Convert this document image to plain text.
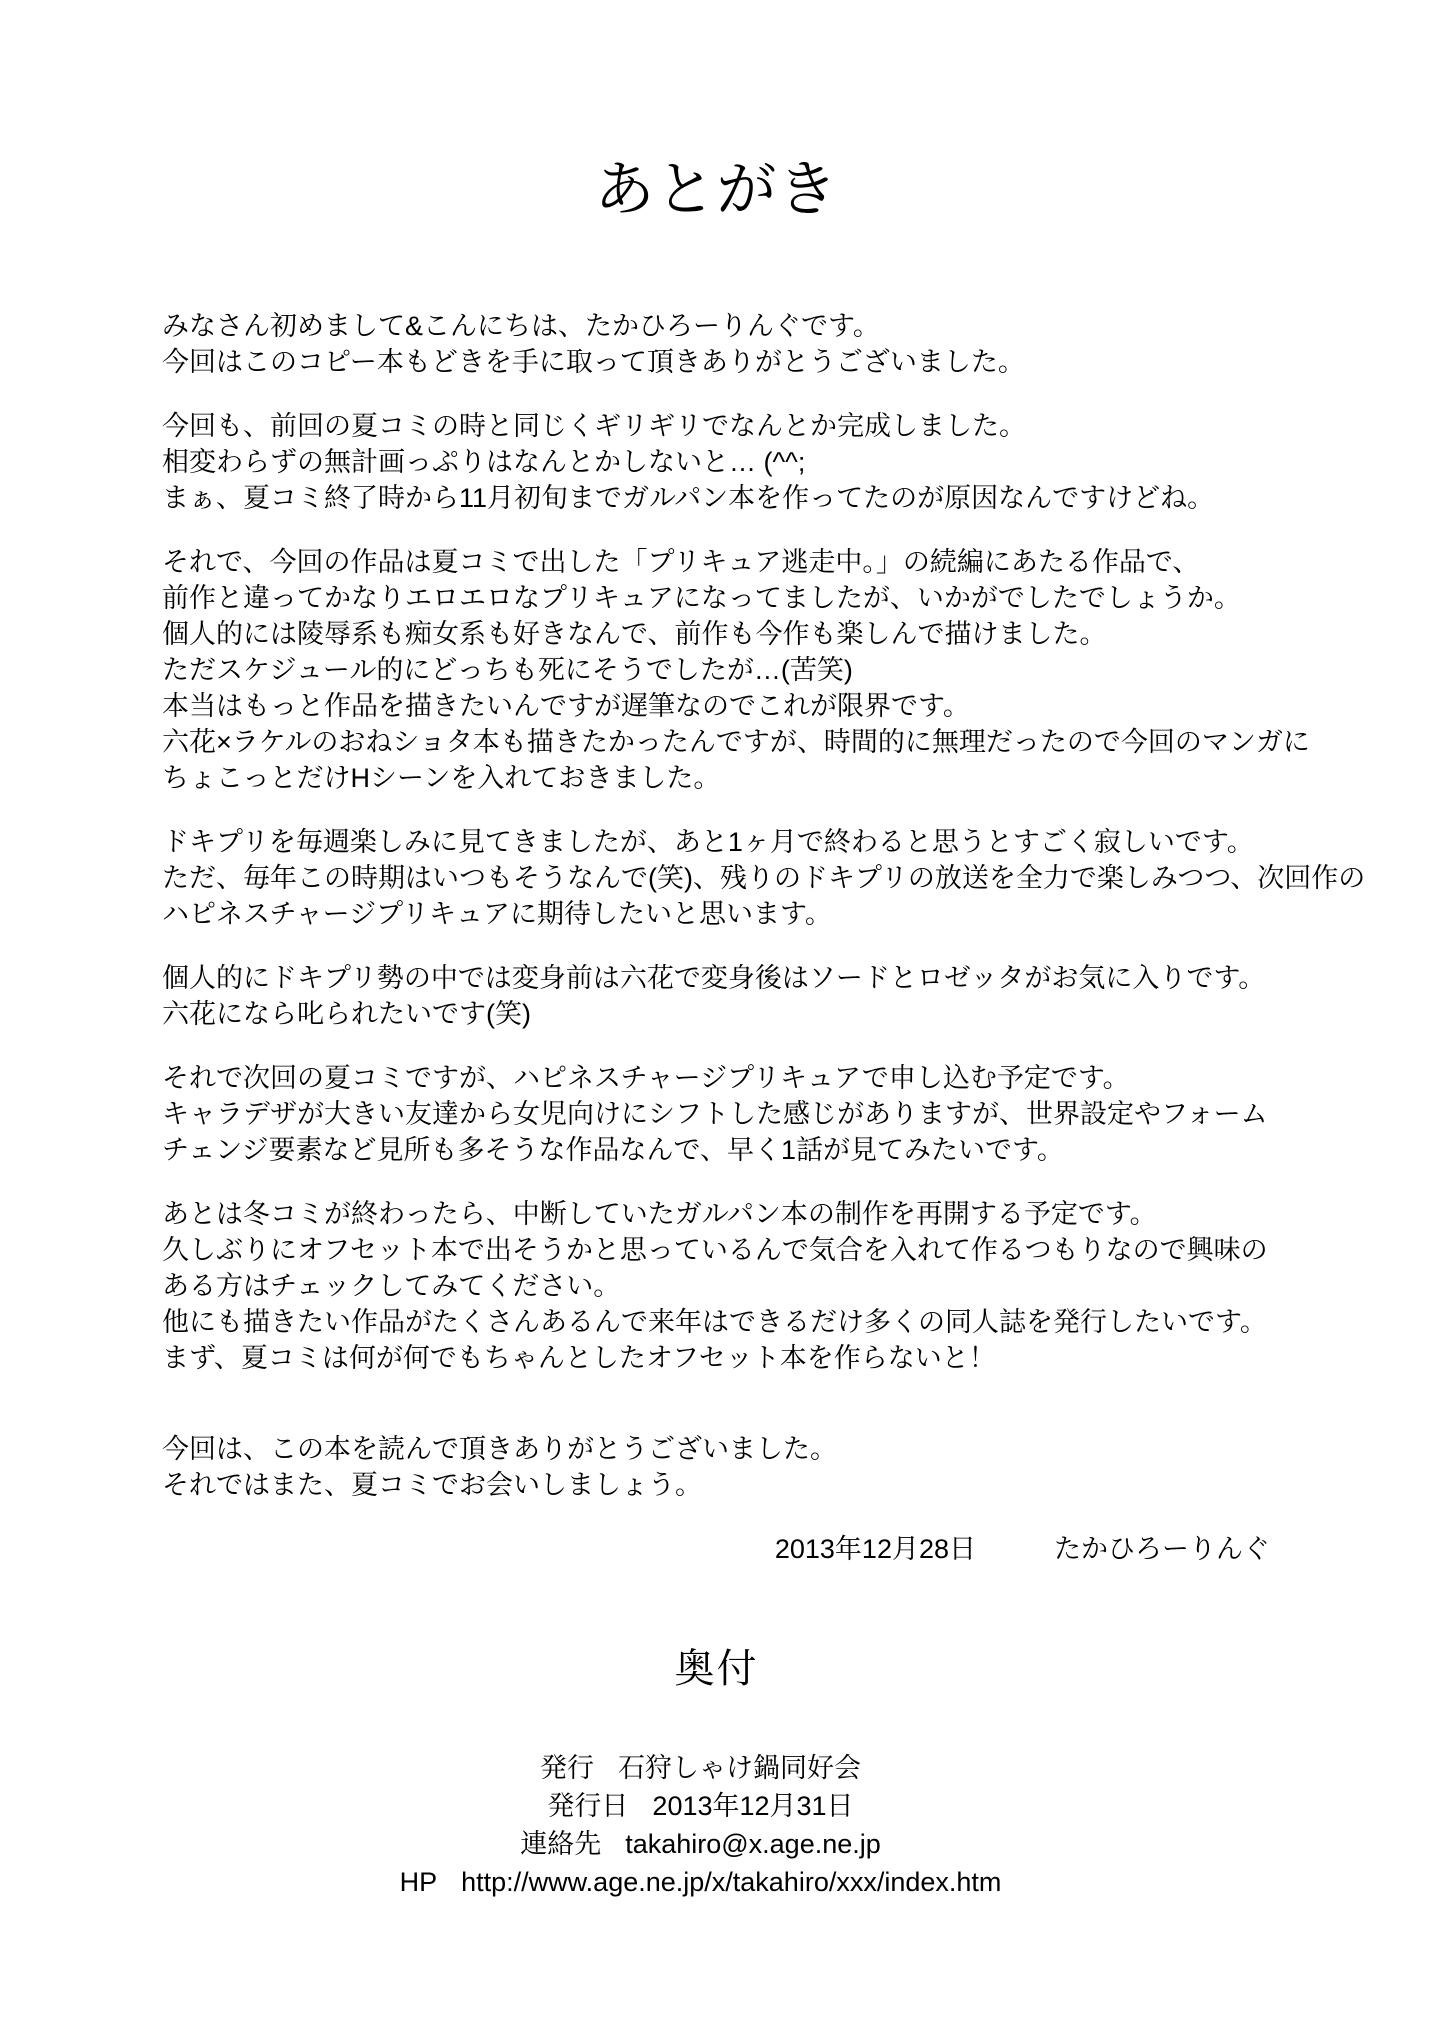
あとがき
みなさん初めまして&こんにちは、たかひろーりんぐです。
今回はこのコピー本もどきを手に取って頂きありがとうございました。
今回も、前回の夏コミの時と同じくギリギリでなんとか完成しました。
相変わらずの無計画っぷりはなんとかしないと… (^^;
まぁ、夏コミ終了時から11月初旬までガルパン本を作ってたのが原因なんですけどね。
それで、今回の作品は夏コミで出した「プリキュア逃走中。」の続編にあたる作品で、
前作と違ってかなりエロエロなプリキュアになってましたが、いかがでしたでしょうか。
個人的には陵辱系も痴女系も好きなんで、前作も今作も楽しんで描けました。
ただスケジュール的にどっちも死にそうでしたが…(苦笑)
本当はもっと作品を描きたいんですが遅筆なのでこれが限界です。
六花×ラケルのおねショタ本も描きたかったんですが、時間的に無理だったので今回のマンガに
ちょこっとだけHシーンを入れておきました。
ドキプリを毎週楽しみに見てきましたが、あと1ヶ月で終わると思うとすごく寂しいです。
ただ、毎年この時期はいつもそうなんで(笑)、残りのドキプリの放送を全力で楽しみつつ、次回作の
ハピネスチャージプリキュアに期待したいと思います。
個人的にドキプリ勢の中では変身前は六花で変身後はソードとロゼッタがお気に入りです。
六花になら叱られたいです(笑)
それで次回の夏コミですが、ハピネスチャージプリキュアで申し込む予定です。
キャラデザが大きい友達から女児向けにシフトした感じがありますが、世界設定やフォーム
チェンジ要素など見所も多そうな作品なんで、早く1話が見てみたいです。
あとは冬コミが終わったら、中断していたガルパン本の制作を再開する予定です。
久しぶりにオフセット本で出そうかと思っているんで気合を入れて作るつもりなので興味の
ある方はチェックしてみてください。
他にも描きたい作品がたくさんあるんで来年はできるだけ多くの同人誌を発行したいです。
まず、夏コミは何が何でもちゃんとしたオフセット本を作らないと！
今回は、この本を読んで頂きありがとうございました。
それではまた、夏コミでお会いしましょう。
2013年12月28日	たかひろーりんぐ
奥付
発行 石狩しゃけ鍋同好会
発行日 2013年12月31日
連絡先 takahiro@x.age.ne.jp
HP http://www.age.ne.jp/x/takahiro/xxx/index.htm
